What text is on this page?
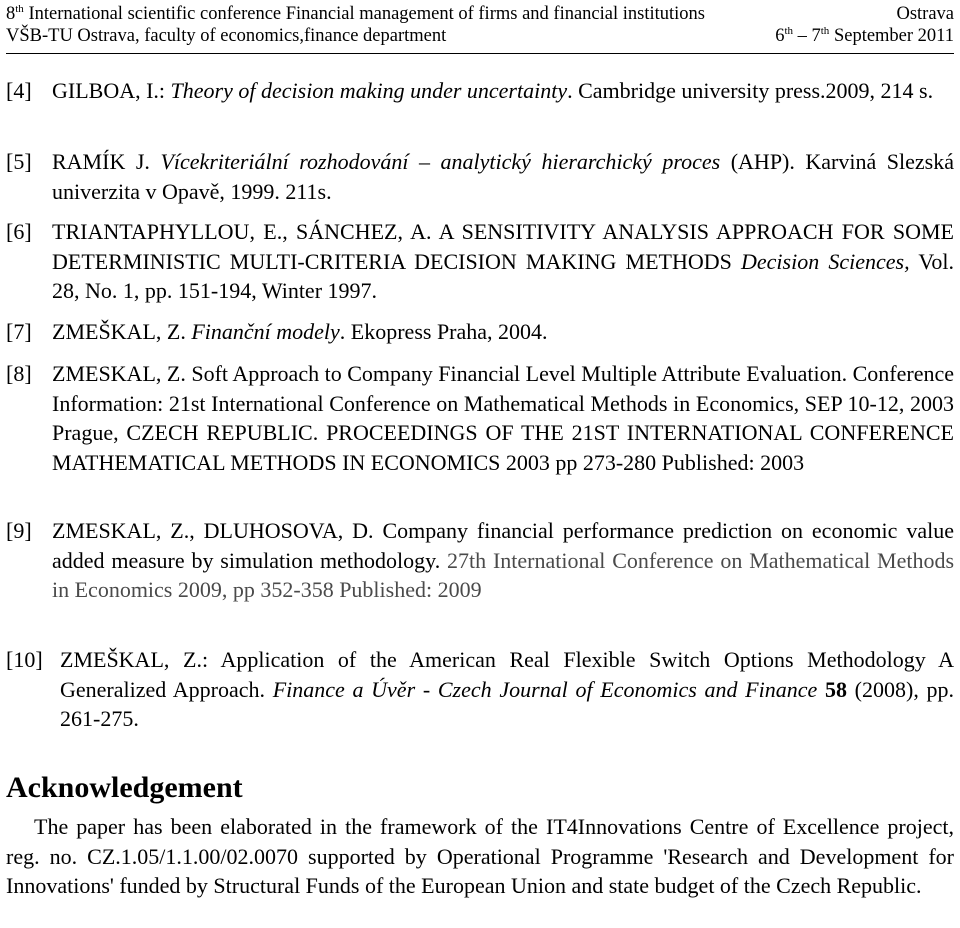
8th International scientific conference Financial management of firms and financial institutions	Ostrava
VŠB-TU Ostrava, faculty of economics,finance department	6th – 7th September 2011
[4] GILBOA, I.: Theory of decision making under uncertainty. Cambridge university press.2009, 214 s.
[5] RAMÍK J. Vícekriteriální rozhodování – analytický hierarchický proces (AHP). Karviná Slezská univerzita v Opavě, 1999. 211s.
[6] TRIANTAPHYLLOU, E., SÁNCHEZ, A. A SENSITIVITY ANALYSIS APPROACH FOR SOME DETERMINISTIC MULTI-CRITERIA DECISION MAKING METHODS Decision Sciences, Vol. 28, No. 1, pp. 151-194, Winter 1997.
[7] ZMEŠKAL, Z. Finanční modely. Ekopress Praha, 2004.
[8] ZMESKAL, Z. Soft Approach to Company Financial Level Multiple Attribute Evaluation. Conference Information: 21st International Conference on Mathematical Methods in Economics, SEP 10-12, 2003 Prague, CZECH REPUBLIC. PROCEEDINGS OF THE 21ST INTERNATIONAL CONFERENCE MATHEMATICAL METHODS IN ECONOMICS 2003 pp 273-280 Published: 2003
[9] ZMESKAL, Z., DLUHOSOVA, D. Company financial performance prediction on economic value added measure by simulation methodology. 27th International Conference on Mathematical Methods in Economics 2009, pp 352-358 Published: 2009
[10] ZMEŠKAL, Z.: Application of the American Real Flexible Switch Options Methodology A Generalized Approach. Finance a Úvěr - Czech Journal of Economics and Finance 58 (2008), pp. 261-275.
Acknowledgement
The paper has been elaborated in the framework of the IT4Innovations Centre of Excellence project, reg. no. CZ.1.05/1.1.00/02.0070 supported by Operational Programme 'Research and Development for Innovations' funded by Structural Funds of the European Union and state budget of the Czech Republic.
